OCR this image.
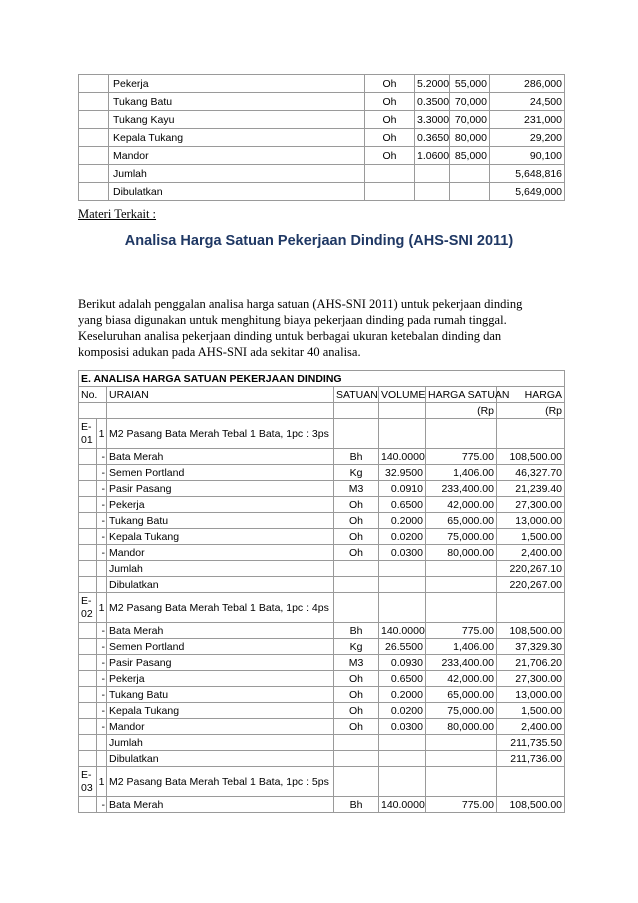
	Pekerja	Oh	5.2000	55,000	286,000
	Tukang Batu	Oh	0.3500	70,000	24,500
	Tukang Kayu	Oh	3.3000	70,000	231,000
	Kepala Tukang	Oh	0.3650	80,000	29,200
	Mandor	Oh	1.0600	85,000	90,100
	Jumlah				5,648,816
	Dibulatkan				5,649,000
Materi Terkait :
Analisa Harga Satuan Pekerjaan Dinding (AHS-SNI 2011)

Berikut adalah penggalan analisa harga satuan (AHS-SNI 2011) untuk pekerjaan dinding

yang biasa digunakan untuk menghitung biaya pekerjaan dinding pada rumah tinggal.

Keseluruhan analisa pekerjaan dinding untuk berbagai ukuran ketebalan dinding dan

komposisi adukan pada AHS-SNI ada sekitar 40 analisa.

E. ANALISA HARGA SATUAN PEKERJAAN DINDING						
No.		URAIAN	SATUAN	VOLUME	HARGA SATUAN	HARGA
					(Rp	(Rp
E-01	1	M2 Pasang Bata Merah Tebal 1 Bata, 1pc : 3ps				
	-	Bata Merah	Bh	140.0000	775.00	108,500.00
	-	Semen Portland	Kg	32.9500	1,406.00	46,327.70
	-	Pasir Pasang	M3	0.0910	233,400.00	21,239.40
	-	Pekerja	Oh	0.6500	42,000.00	27,300.00
	-	Tukang Batu	Oh	0.2000	65,000.00	13,000.00
	-	Kepala Tukang	Oh	0.0200	75,000.00	1,500.00
	-	Mandor	Oh	0.0300	80,000.00	2,400.00
		Jumlah				220,267.10
		Dibulatkan				220,267.00
E-02	1	M2 Pasang Bata Merah Tebal 1 Bata, 1pc : 4ps				
	-	Bata Merah	Bh	140.0000	775.00	108,500.00
	-	Semen Portland	Kg	26.5500	1,406.00	37,329.30
	-	Pasir Pasang	M3	0.0930	233,400.00	21,706.20
	-	Pekerja	Oh	0.6500	42,000.00	27,300.00
	-	Tukang Batu	Oh	0.2000	65,000.00	13,000.00
	-	Kepala Tukang	Oh	0.0200	75,000.00	1,500.00
	-	Mandor	Oh	0.0300	80,000.00	2,400.00
		Jumlah				211,735.50
		Dibulatkan				211,736.00
E-03	1	M2 Pasang Bata Merah Tebal 1 Bata, 1pc : 5ps				
	-	Bata Merah	Bh	140.0000	775.00	108,500.00
